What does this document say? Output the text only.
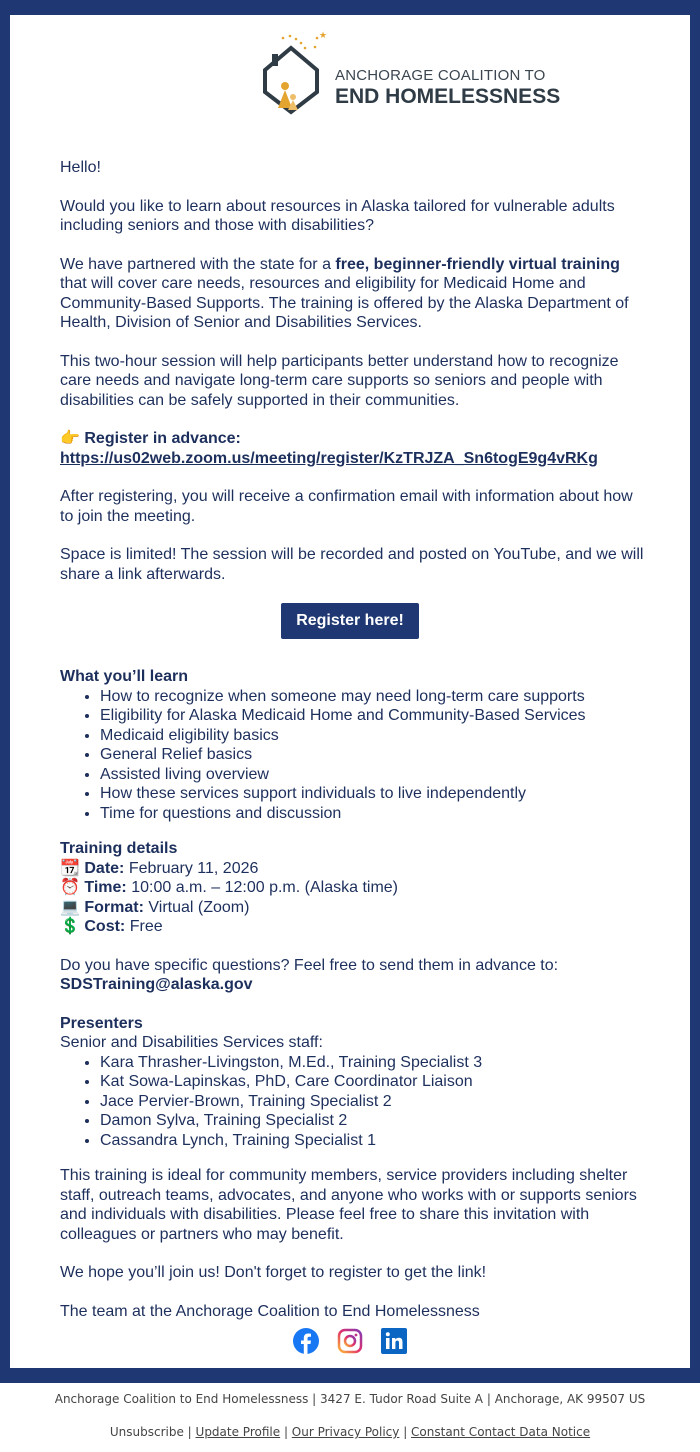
★
ANCHORAGE COALITION TO
END HOMELESSNESS

Hello!

Would you like to learn about resources in Alaska tailored for vulnerable adults including seniors and those with disabilities?

We have partnered with the state for a free, beginner-friendly virtual training that will cover care needs, resources and eligibility for Medicaid Home and Community-Based Supports. The training is offered by the Alaska Department of Health, Division of Senior and Disabilities Services.

This two-hour session will help participants better understand how to recognize care needs and navigate long-term care supports so seniors and people with disabilities can be safely supported in their communities.

👉 Register in advance:
https://us02web.zoom.us/meeting/register/KzTRJZA_Sn6togE9g4vRKg

After registering, you will receive a confirmation email with information about how to join the meeting.

Space is limited! The session will be recorded and posted on YouTube, and we will share a link afterwards.

Register here!
What you’ll learn
• How to recognize when someone may need long-term care supports
• Eligibility for Alaska Medicaid Home and Community-Based Services
• Medicaid eligibility basics
• General Relief basics
• Assisted living overview
• How these services support individuals to live independently
• Time for questions and discussion
Training details
📆 Date: February 11, 2026
⏰ Time: 10:00 a.m. – 12:00 p.m. (Alaska time)
💻 Format: Virtual (Zoom)
💲 Cost: Free

Do you have specific questions? Feel free to send them in advance to: SDSTraining@alaska.gov

Presenters
Senior and Disabilities Services staff:
• Kara Thrasher-Livingston, M.Ed., Training Specialist 3
• Kat Sowa-Lapinskas, PhD, Care Coordinator Liaison
• Jace Pervier-Brown, Training Specialist 2
• Damon Sylva, Training Specialist 2
• Cassandra Lynch, Training Specialist 1

This training is ideal for community members, service providers including shelter staff, outreach teams, advocates, and anyone who works with or supports seniors and individuals with disabilities. Please feel free to share this invitation with colleagues or partners who may benefit.

We hope you’ll join us! Don't forget to register to get the link!

The team at the Anchorage Coalition to End Homelessness

Anchorage Coalition to End Homelessness | 3427 E. Tudor Road Suite A | Anchorage, AK 99507 US
Unsubscribe | Update Profile | Our Privacy Policy | Constant Contact Data Notice
